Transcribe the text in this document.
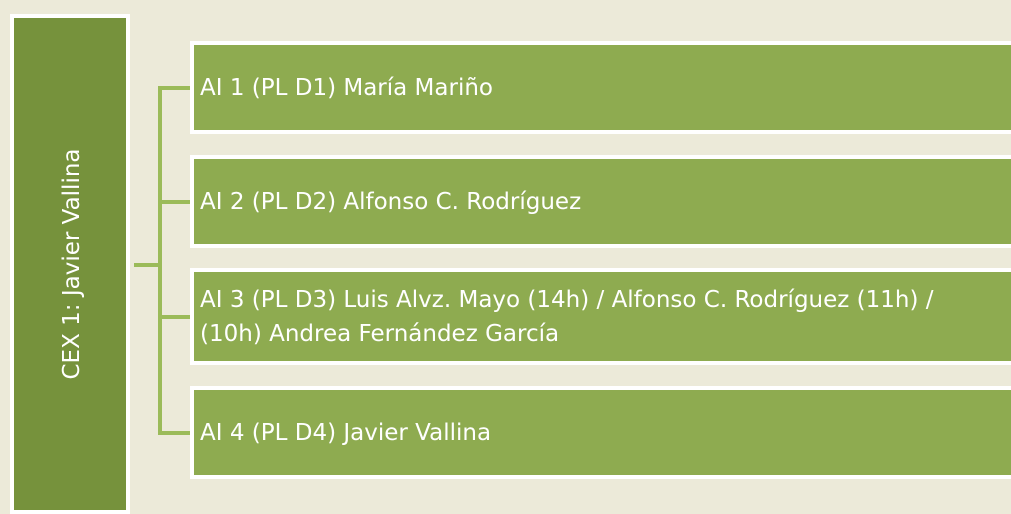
CEX 1: Javier Vallina
AI 1 (PL D1) María Mariño
AI 2 (PL D2) Alfonso C. Rodríguez
AI 3 (PL D3) Luis Alvz. Mayo (14h) / Alfonso C. Rodríguez (11h) / (10h) Andrea Fernández García
AI 4 (PL D4) Javier Vallina
